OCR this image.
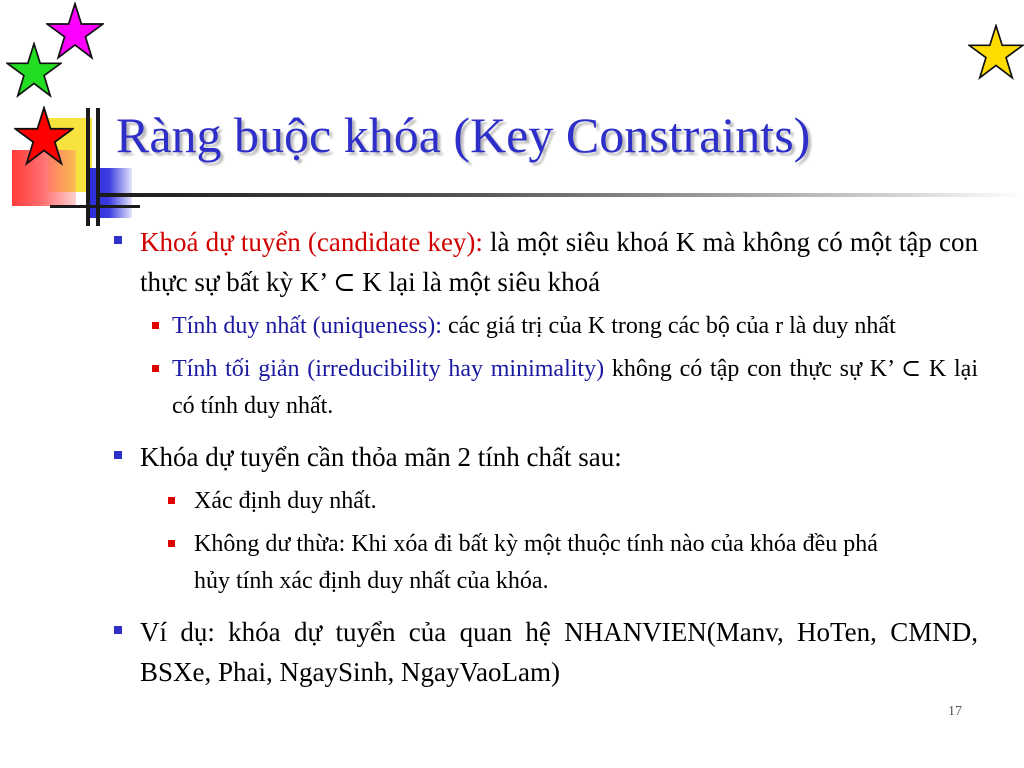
Ràng buộc khóa (Key Constraints)
Khoá dự tuyển (candidate key): là một siêu khoá K mà không có một tập con thực sự bất kỳ K’ ⊂ K lại là một siêu khoá
Tính duy nhất (uniqueness): các giá trị của K trong các bộ của r là duy nhất
Tính tối giản (irreducibility hay minimality) không có tập con thực sự K’ ⊂ K lại có tính duy nhất.
Khóa dự tuyển cần thỏa mãn 2 tính chất sau:
Xác định duy nhất.
Không dư thừa: Khi xóa đi bất kỳ một thuộc tính nào của khóa đều phá hủy tính xác định duy nhất của khóa.
Ví dụ: khóa dự tuyển của quan hệ NHANVIEN(Manv, HoTen, CMND, BSXe, Phai, NgaySinh, NgayVaoLam)
17
